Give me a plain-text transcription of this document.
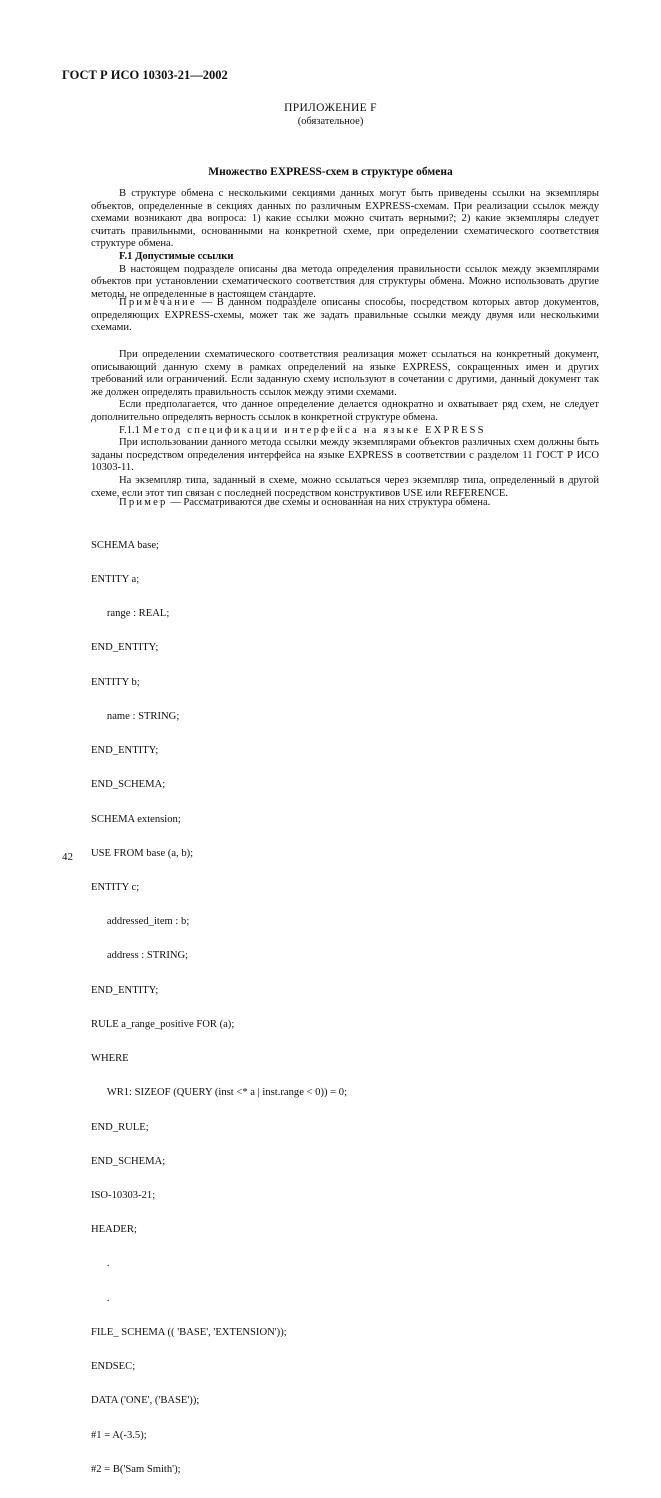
ГОСТ Р ИСО 10303-21—2002
ПРИЛОЖЕНИЕ F
(обязательное)
Множество EXPRESS-схем в структуре обмена

В структуре обмена с несколькими секциями данных могут быть приведены ссылки на экземпляры объектов, определенные в секциях данных по различным EXPRESS-схемам. При реализации ссылок между схемами возникают два вопроса: 1) какие ссылки можно считать верными?; 2) какие экземпляры следует считать правильными, основанными на конкретной схеме, при определении схематического соответствия структуре обмена.

F.1 Допустимые ссылки

В настоящем подразделе описаны два метода определения правильности ссылок между экземплярами объектов при установлении схематического соответствия для структуры обмена. Можно использовать другие методы, не определенные в настоящем стандарте.

Примечание — В данном подразделе описаны способы, посредством которых автор документов, определяющих EXPRESS-схемы, может так же задать правильные ссылки между двумя или несколькими схемами.

При определении схематического соответствия реализация может ссылаться на конкретный документ, описывающий данную схему в рамках определений на языке EXPRESS, сокращенных имен и других требований или ограничений. Если заданную схему используют в сочетании с другими, данный документ так же должен определять правильность ссылок между этими схемами.

Если предполагается, что данное определение делается однократно и охватывает ряд схем, не следует дополнительно определять верность ссылок в конкретной структуре обмена.

F.1.1 Метод спецификации интерфейса на языке EXPRESS

При использовании данного метода ссылки между экземплярами объектов различных схем должны быть заданы посредством определения интерфейса на языке EXPRESS в соответствии с разделом 11 ГОСТ Р ИСО 10303-11.

На экземпляр типа, заданный в схеме, можно ссылаться через экземпляр типа, определенный в другой схеме, если этот тип связан с последней посредством конструктивов USE или REFERENCE.

Пример — Рассматриваются две схемы и основанная на них структура обмена.

SCHEMA base;

ENTITY a;

range : REAL;

END_ENTITY;

ENTITY b;

name : STRING;

END_ENTITY;

END_SCHEMA;

SCHEMA extension;

USE FROM base (a, b);

ENTITY c;

addressed_item : b;

address : STRING;

END_ENTITY;

RULE a_range_positive FOR (a);

WHERE

WR1: SIZEOF (QUERY (inst <* a | inst.range < 0)) = 0;

END_RULE;

END_SCHEMA;

ISO-10303-21;

HEADER;

.

.

FILE_ SCHEMA (( 'BASE', 'EXTENSION'));

ENDSEC;

DATA ('ONE', ('BASE'));

#1 = A(-3.5);

#2 = B('Sam Smith');

42
